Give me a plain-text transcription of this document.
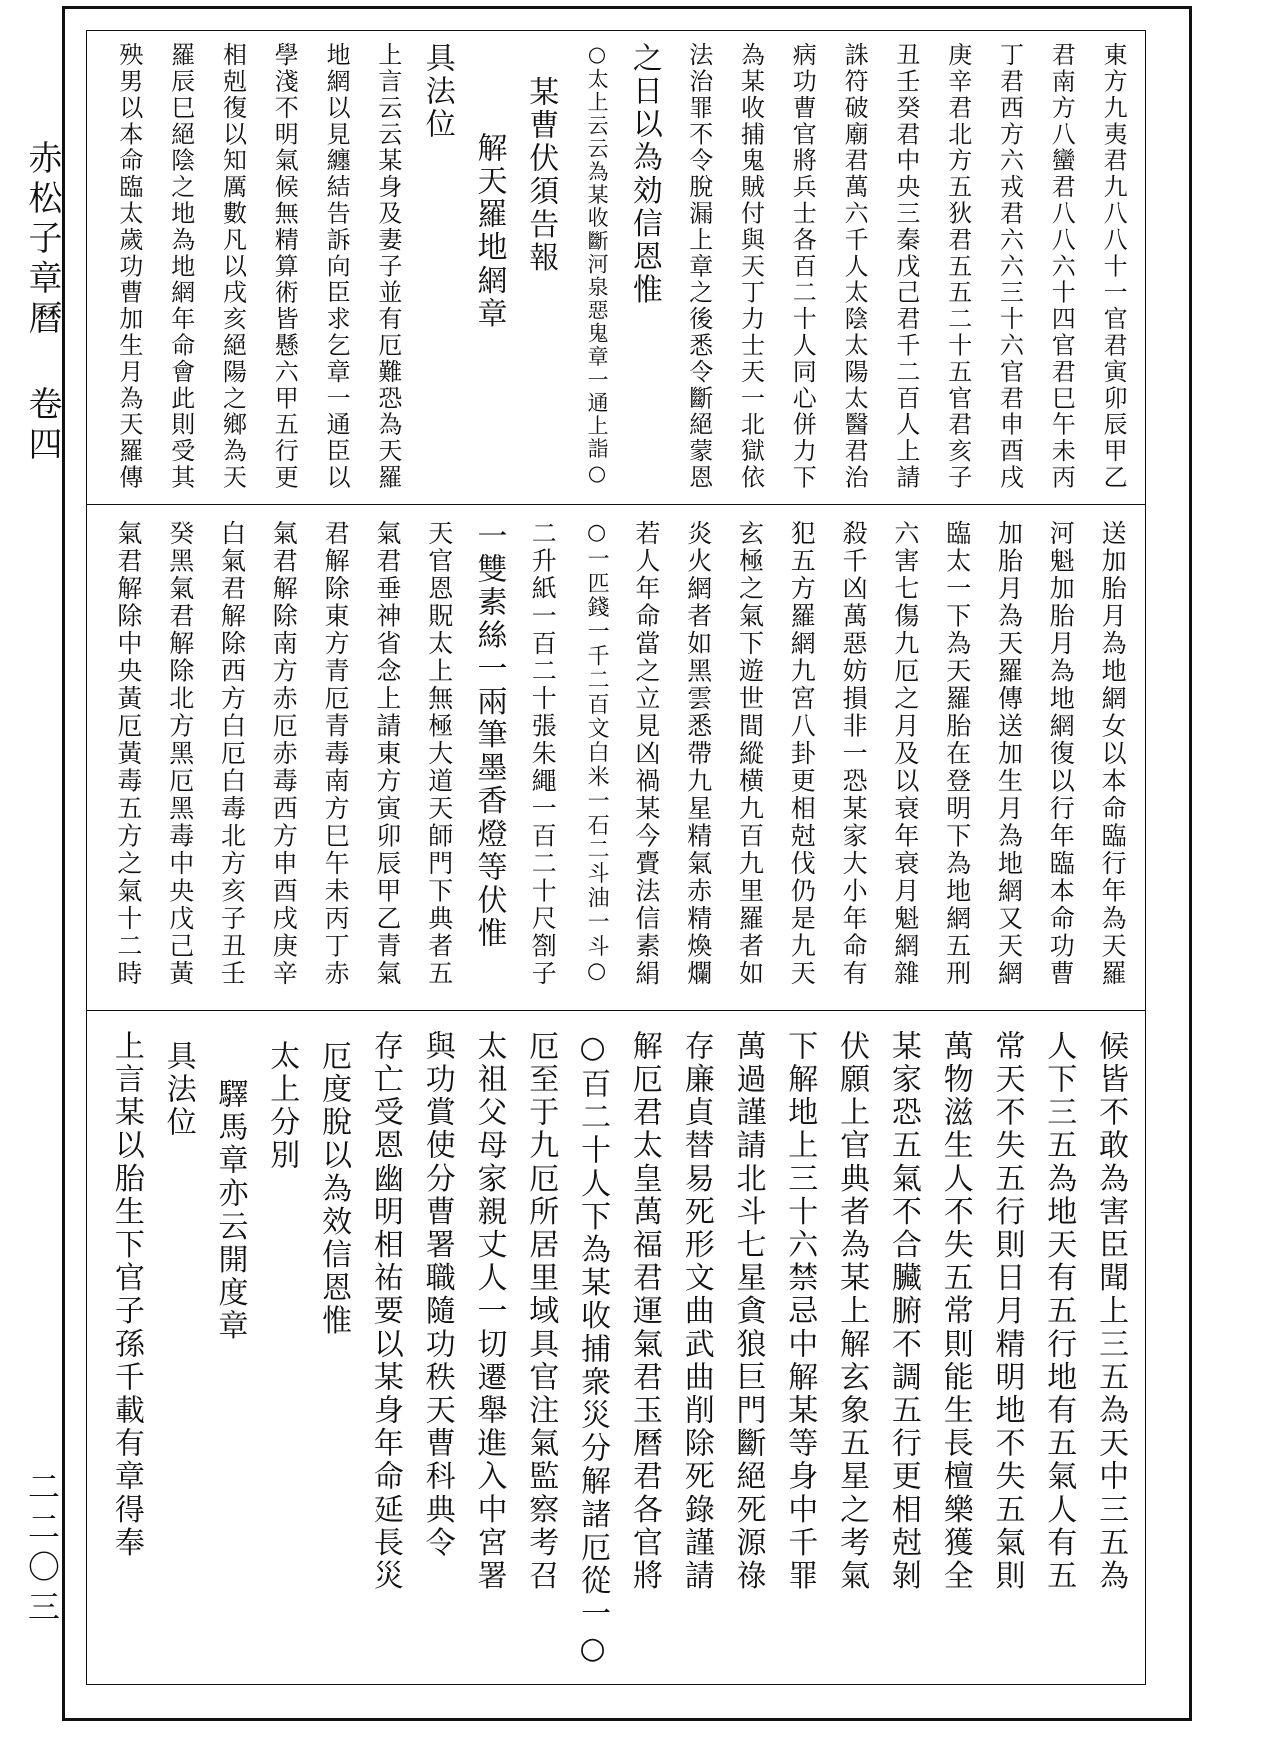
赤松子章曆 卷四
二二〇三
東方九夷君九八八十一官君寅卯辰甲乙
君南方八蠻君八八六十四官君巳午未丙
丁君西方六戎君六六三十六官君申酉戌
庚辛君北方五狄君五五二十五官君亥子
丑壬癸君中央三秦戊己君千二百人上請
誅符破廟君萬六千人太陰太陽太醫君治
病功曹官將兵士各百二十人同心併力下
為某收捕鬼賊付與天丁力士天一北獄依
法治罪不令脫漏上章之後悉令斷絕蒙恩
之日以為効信恩惟
○太上云云為某收斷河泉惡鬼章一通上詣○
某曹伏須告報
解天羅地網章
具法位
上言云云某身及妻子並有厄難恐為天羅
地網以見纏結告訴向臣求乞章一通臣以
學淺不明氣候無精算術皆懸六甲五行更
相剋復以知厲數凡以戌亥絕陽之鄉為天
羅辰巳絕陰之地為地網年命會此則受其
殃男以本命臨太歲功曹加生月為天羅傳
送加胎月為地網女以本命臨行年為天羅
河魁加胎月為地網復以行年臨本命功曹
加胎月為天羅傳送加生月為地網又天網
臨太一下為天羅胎在登明下為地網五刑
六害七傷九厄之月及以衰年衰月魁網雜
殺千凶萬惡妨損非一恐某家大小年命有
犯五方羅網九宮八卦更相尅伐仍是九天
玄極之氣下遊世間縱横九百九里羅者如
炎火網者如黑雲悉帶九星精氣赤精煥爛
若人年命當之立見凶禍某今賷法信素絹
○一匹錢一千二百文白米一石二斗油一斗○
二升紙一百二十張朱繩一百二十尺劄子
一雙素絲一兩筆墨香燈等伏惟
天官恩貺太上無極大道天師門下典者五
氣君垂神省念上請東方寅卯辰甲乙青氣
君解除東方青厄青毒南方巳午未丙丁赤
氣君解除南方赤厄赤毒西方申酉戌庚辛
白氣君解除西方白厄白毒北方亥子丑壬
癸黑氣君解除北方黑厄黑毒中央戊己黃
氣君解除中央黃厄黃毒五方之氣十二時
候皆不敢為害臣聞上三五為天中三五為
人下三五為地天有五行地有五氣人有五
常天不失五行則日月精明地不失五氣則
萬物滋生人不失五常則能生長檀樂獲全
某家恐五氣不合臟腑不調五行更相尅剝
伏願上官典者為某上解玄象五星之考氣
下解地上三十六禁忌中解某等身中千罪
萬過謹請北斗七星貪狼巨門斷絕死源祿
存廉貞替易死形文曲武曲削除死錄謹請
解厄君太皇萬福君運氣君玉曆君各官將
○百二十人下為某收捕衆災分解諸厄從一○
厄至于九厄所居里域具官注氣監察考召
太祖父母家親丈人一切遷舉進入中宮署
與功賞使分曹署職隨功秩天曹科典令
存亡受恩幽明相祐要以某身年命延長災
厄度脫以為效信恩惟
太上分別
驛馬章亦云開度章
具法位
上言某以胎生下官子孫千載有章得奉
